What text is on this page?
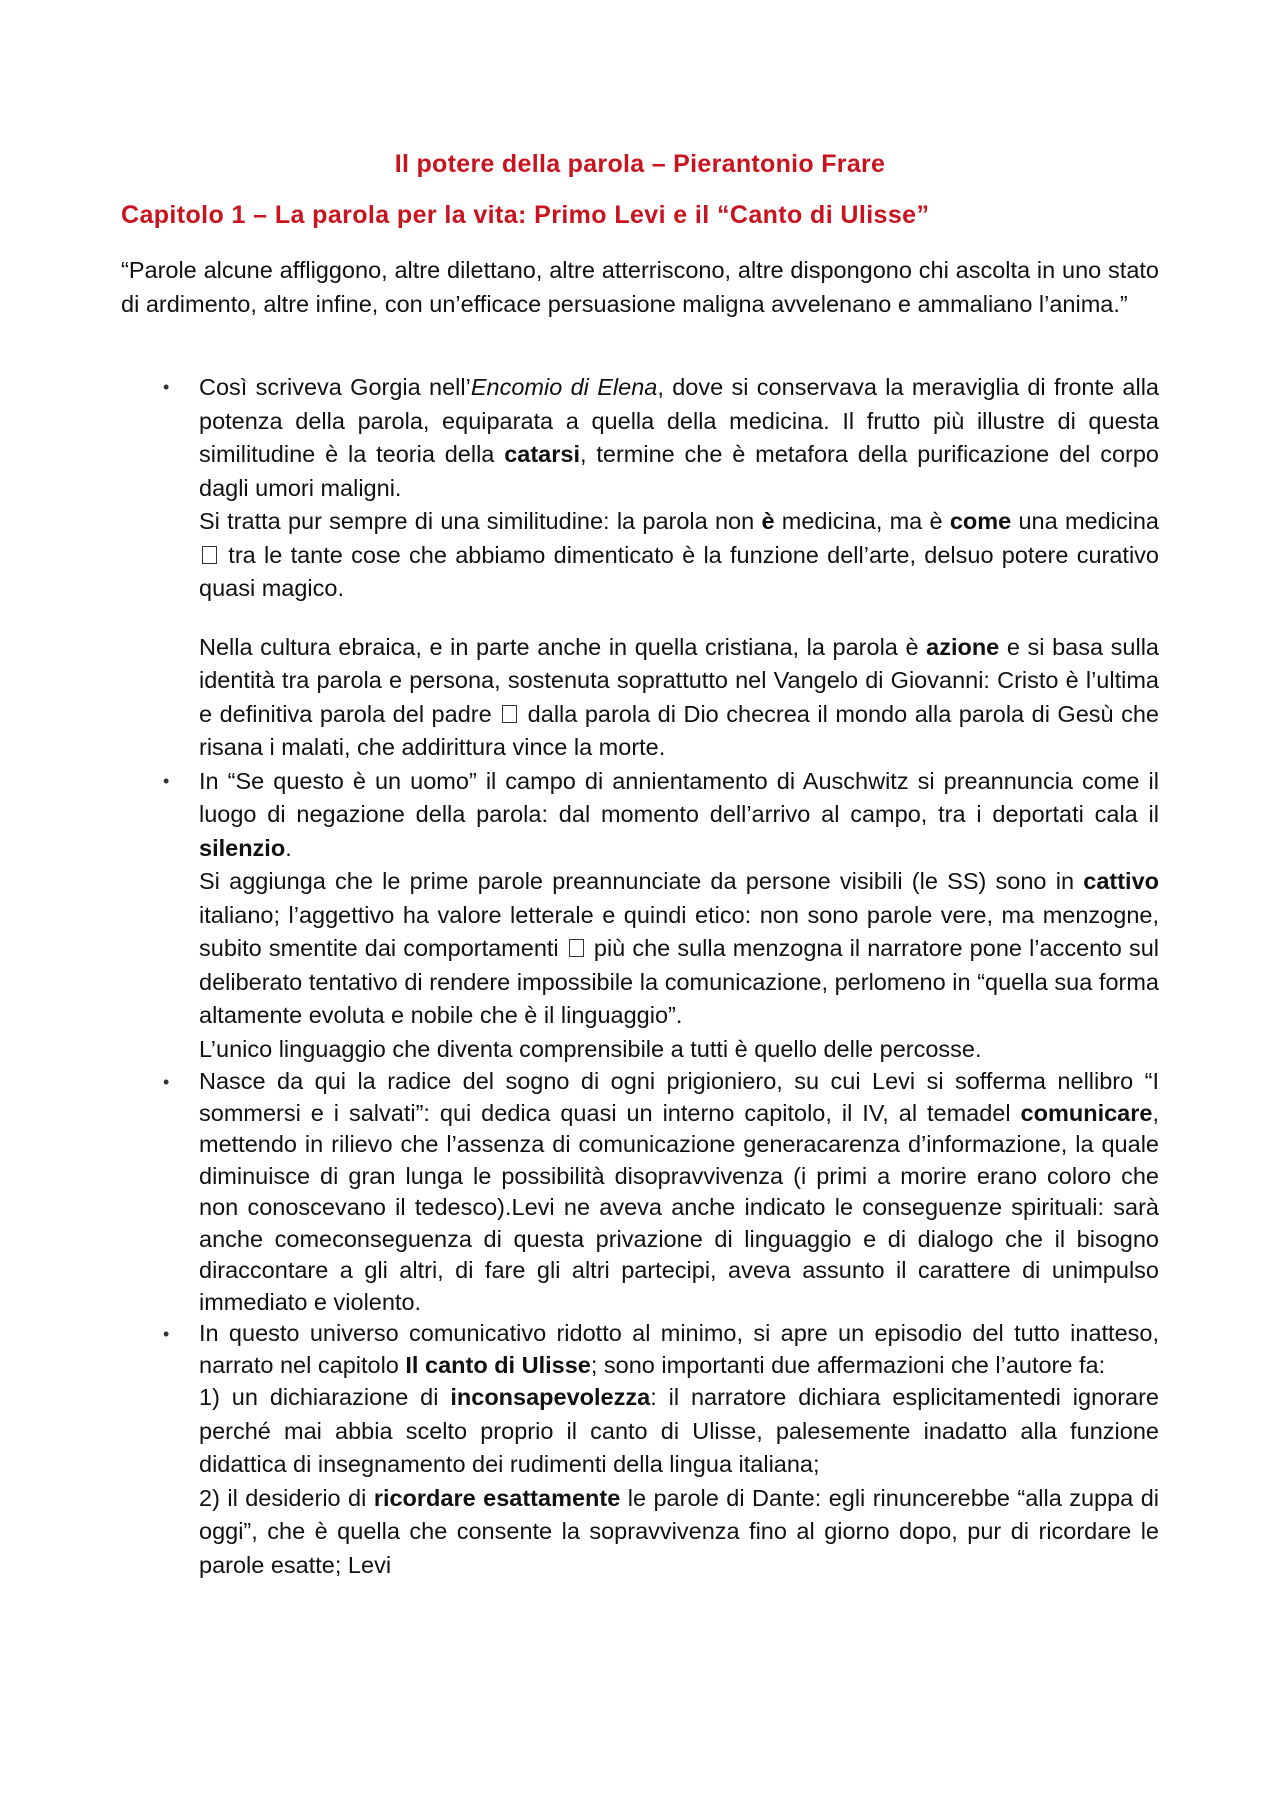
Il potere della parola – Pierantonio Frare
Capitolo 1 – La parola per la vita: Primo Levi e il “Canto di Ulisse”

“Parole alcune affliggono, altre dilettano, altre atterriscono, altre dispongono chi ascolta in uno stato di ardimento, altre infine, con un’efficace persuasione maligna avvelenano e ammaliano l’anima.”

• Così scriveva Gorgia nell’Encomio di Elena, dove si conservava la meraviglia di fronte alla potenza della parola, equiparata a quella della medicina. Il frutto più illustre di questa similitudine è la teoria della catarsi, termine che è metafora della purificazione del corpo dagli umori maligni.

Si tratta pur sempre di una similitudine: la parola non è medicina, ma è come una medicina  tra le tante cose che abbiamo dimenticato è la funzione dell’arte, delsuo potere curativo quasi magico.

Nella cultura ebraica, e in parte anche in quella cristiana, la parola è azione e si basa sulla identità tra parola e persona, sostenuta soprattutto nel Vangelo di Giovanni: Cristo è l’ultima e definitiva parola del padre  dalla parola di Dio checrea il mondo alla parola di Gesù che risana i malati, che addirittura vince la morte.

• In “Se questo è un uomo” il campo di annientamento di Auschwitz si preannuncia come il luogo di negazione della parola: dal momento dell’arrivo al campo, tra i deportati cala il silenzio.

Si aggiunga che le prime parole preannunciate da persone visibili (le SS) sono in cattivo italiano; l’aggettivo ha valore letterale e quindi etico: non sono parole vere, ma menzogne, subito smentite dai comportamenti  più che sulla menzogna il narratore pone l’accento sul deliberato tentativo di rendere impossibile la comunicazione, perlomeno in “quella sua forma altamente evoluta e nobile che è il linguaggio”.

L’unico linguaggio che diventa comprensibile a tutti è quello delle percosse.

• Nasce da qui la radice del sogno di ogni prigioniero, su cui Levi si sofferma nellibro “I sommersi e i salvati”: qui dedica quasi un interno capitolo, il IV, al temadel comunicare, mettendo in rilievo che l’assenza di comunicazione generacarenza d’informazione, la quale diminuisce di gran lunga le possibilità disopravvivenza (i primi a morire erano coloro che non conoscevano il tedesco).Levi ne aveva anche indicato le conseguenze spirituali: sarà anche comeconseguenza di questa privazione di linguaggio e di dialogo che il bisogno diraccontare a gli altri, di fare gli altri partecipi, aveva assunto il carattere di unimpulso immediato e violento.

• In questo universo comunicativo ridotto al minimo, si apre un episodio del tutto inatteso, narrato nel capitolo Il canto di Ulisse; sono importanti due affermazioni che l’autore fa:

1) un dichiarazione di inconsapevolezza: il narratore dichiara esplicitamentedi ignorare perché mai abbia scelto proprio il canto di Ulisse, palesemente inadatto alla funzione didattica di insegnamento dei rudimenti della lingua italiana;

2) il desiderio di ricordare esattamente le parole di Dante: egli rinuncerebbe “alla zuppa di oggi”, che è quella che consente la sopravvivenza fino al giorno dopo, pur di ricordare le parole esatte; Levi
